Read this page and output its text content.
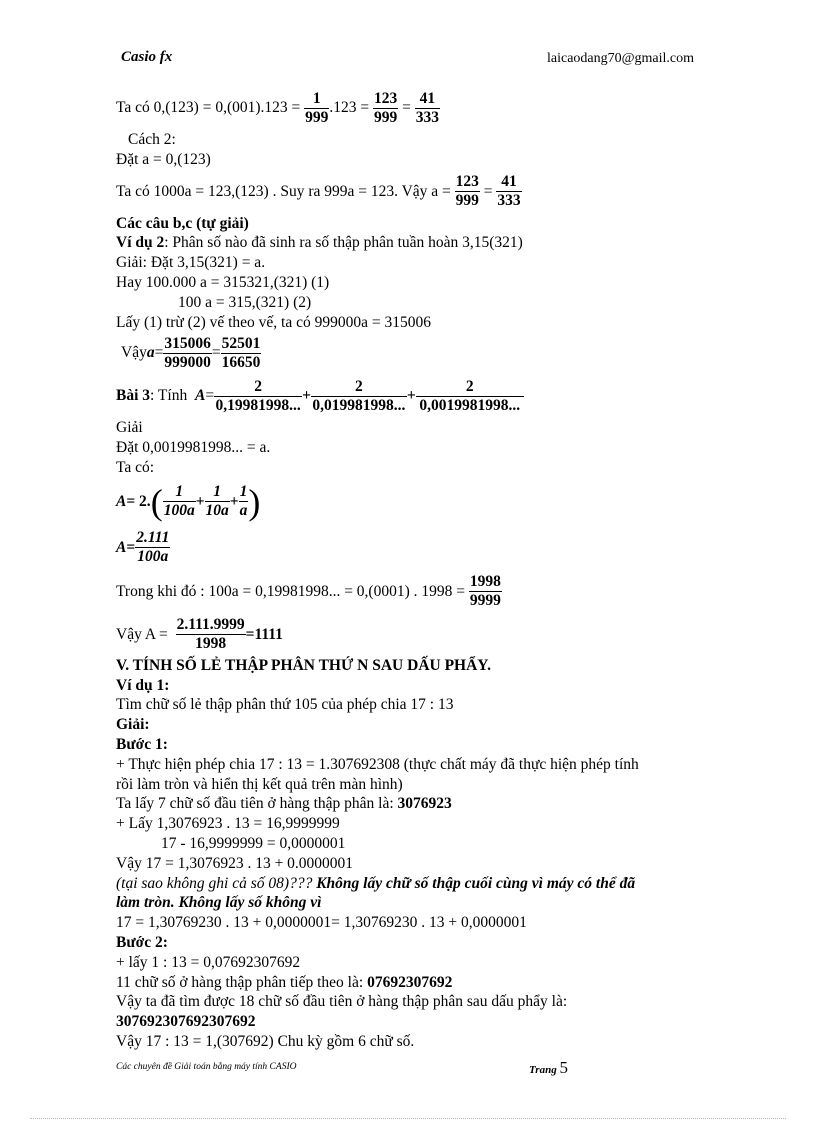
Casio fx	laicaodang70@gmail.com
Ta có 0,(123) = 0,(001).123 =
$\frac{1}{999} .123$ =
$\frac{123}{999}$
=
$\frac{41}{333}$
Cách 2:
Đặt a = 0,(123)
Ta có 1000a = 123,(123) . Suy ra 999a = 123. Vậy a =
$\frac{123}{999}$
=
$\frac{41}{333}$
Các câu b,c (tự giải)
Ví dụ 2: Phân số nào đã sinh ra số thập phân tuần hoàn 3,15(321)
Giải: Đặt 3,15(321) = a.
Hay 100.000 a = 315321,(321) (1)
100 a = 315,(321) (2)
Lấy (1) trừ (2) vế theo vế, ta có 999000a = 315006
Vậy $a = \frac{315006}{999000} = \frac{52501}{16650}$
Bài 3 : Tính
$A = \frac{2}{0,19981998...} + \frac{2}{0,019981998...} + \frac{2}{0,0019981998...}$
Giải
Đặt 0,0019981998... = a.
Ta có:
A = 2. ( $\frac{1}{100a} + \frac{1}{10a} + \frac{1}{a}$ )
$A = \frac{2.111}{100a}$
Trong khi đó : 100a = 0,19981998... = 0,(0001) . 1998 =
$\frac{1998}{9999}$
Vậy A =
$\frac{2.111.9999}{1998} =1111$
V. TÍNH SỐ LẺ THẬP PHÂN THỨ N SAU DẤU PHẨY.
Ví dụ 1:
Tìm chữ số lẻ thập phân thứ 105 của phép chia 17 : 13
Giải:
Bước 1:
+ Thực hiện phép chia 17 : 13 = 1.307692308 (thực chất máy đã thực hiện phép tính
rồi làm tròn và hiển thị kết quả trên màn hình)
Ta lấy 7 chữ số đầu tiên ở hàng thập phân là: 3076923
+ Lấy 1,3076923 . 13 = 16,9999999
17 - 16,9999999 = 0,0000001
Vậy 17 = 1,3076923 . 13 + 0.0000001
(tại sao không ghi cả số 08)??? Không lấy chữ số thập cuối cùng vì máy có thể đã
làm tròn. Không lấy số không vì
17 = 1,30769230 . 13 + 0,0000001= 1,30769230 . 13 + 0,0000001
Bước 2:
+ lấy 1 : 13 = 0,07692307692
11 chữ số ở hàng thập phân tiếp theo là: 07692307692
Vậy ta đã tìm được 18 chữ số đầu tiên ở hàng thập phân sau dấu phẩy là:
307692307692307692
Vậy 17 : 13 = 1,(307692) Chu kỳ gồm 6 chữ số.
Các chuyên đề Giải toán bằng máy tính CASIO	Trang 5
